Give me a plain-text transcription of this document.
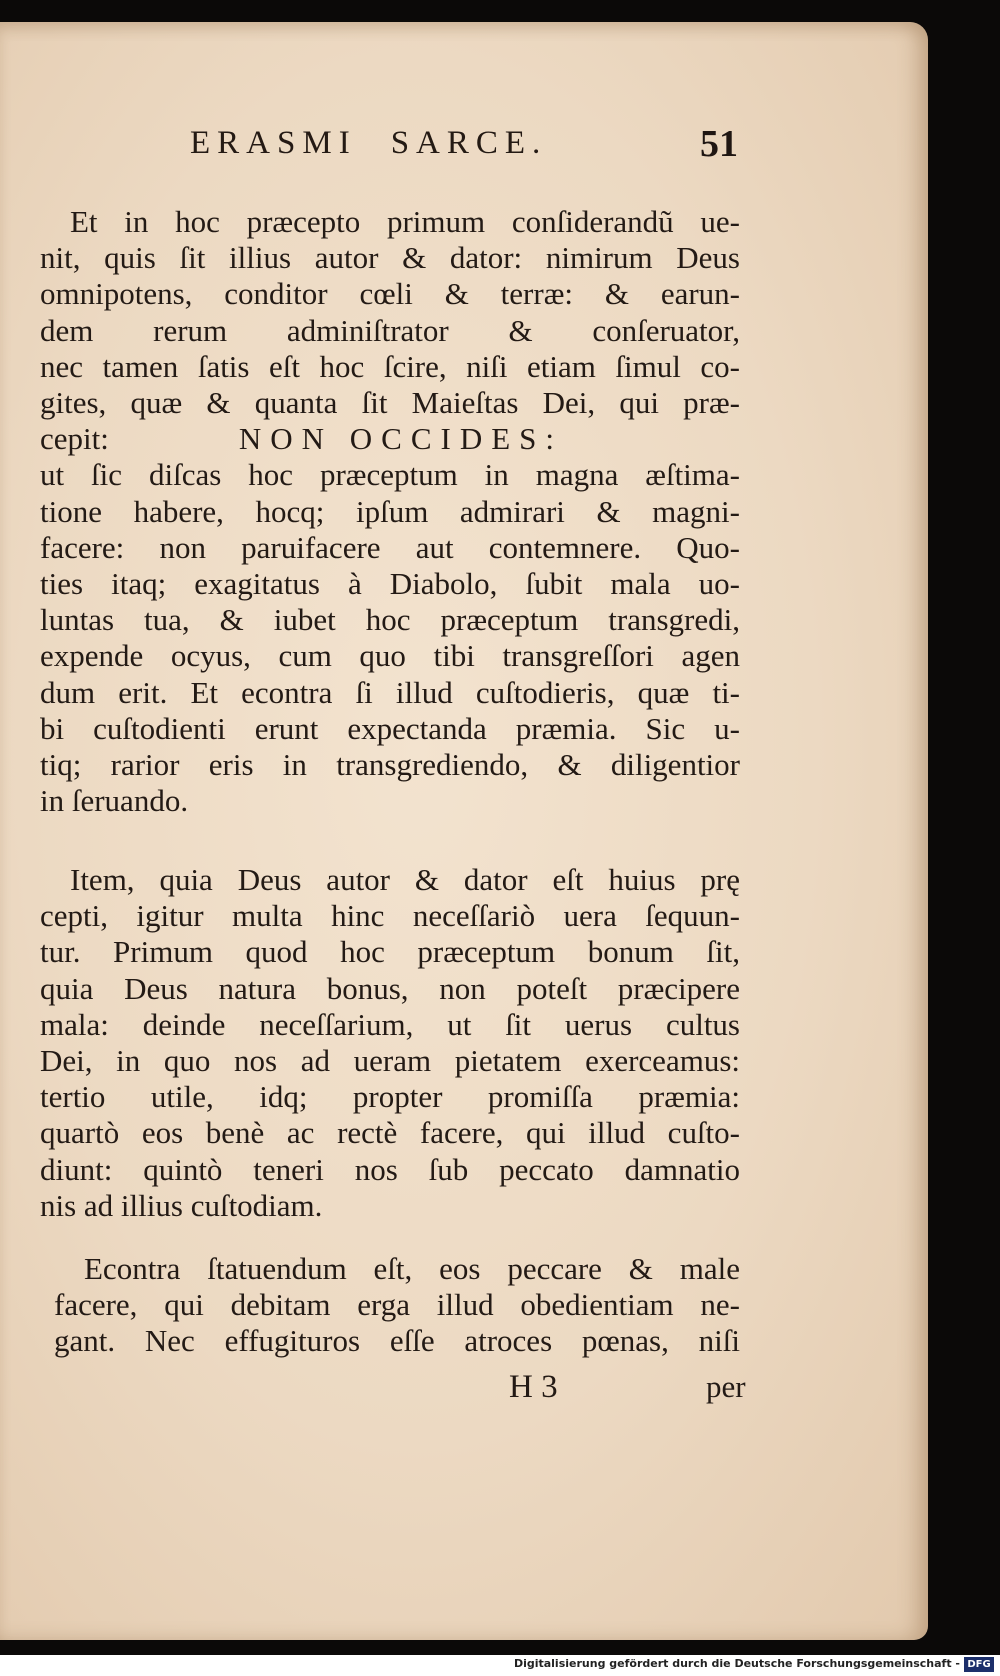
ERASMI SARCE.	51

Et in hoc præcepto primum conſiderandũ ue-
nit, quis ſit illius autor & dator: nimirum Deus
omnipotens, conditor cœli & terræ: & earun-
dem rerum adminiſtrator & conſeruator,
nec tamen ſatis eſt hoc ſcire, niſi etiam ſimul co-
gites, quæ & quanta ſit Maieſtas Dei, qui præ-
cepit:	NON OCCIDES:
ut ſic diſcas hoc præceptum in magna æſtima-
tione habere, hocq; ipſum admirari & magni-
facere: non paruifacere aut contemnere. Quo-
ties itaq; exagitatus à Diabolo, ſubit mala uo-
luntas tua, & iubet hoc præceptum transgredi,
expende ocyus, cum quo tibi transgreſſori agen
dum erit. Et econtra ſi illud cuſtodieris, quæ ti-
bi cuſtodienti erunt expectanda præmia. Sic u-
tiq; rarior eris in transgrediendo, & diligentior
in ſeruando.

Item, quia Deus autor & dator eſt huius prę
cepti, igitur multa hinc neceſſariò uera ſequun-
tur. Primum quod hoc præceptum bonum ſit,
quia Deus natura bonus, non poteſt præcipere
mala: deinde neceſſarium, ut ſit uerus cultus
Dei, in quo nos ad ueram pietatem exerceamus:
tertio utile, idq; propter promiſſa præmia:
quartò eos benè ac rectè facere, qui illud cuſto-
diunt: quintò teneri nos ſub peccato damnatio
nis ad illius cuſtodiam.

Econtra ſtatuendum eſt, eos peccare & male
facere, qui debitam erga illud obedientiam ne-
gant. Nec effugituros eſſe atroces pœnas, niſi

H 3	per
Digitalisierung gefördert durch die Deutsche Forschungsgemeinschaft - DFG
